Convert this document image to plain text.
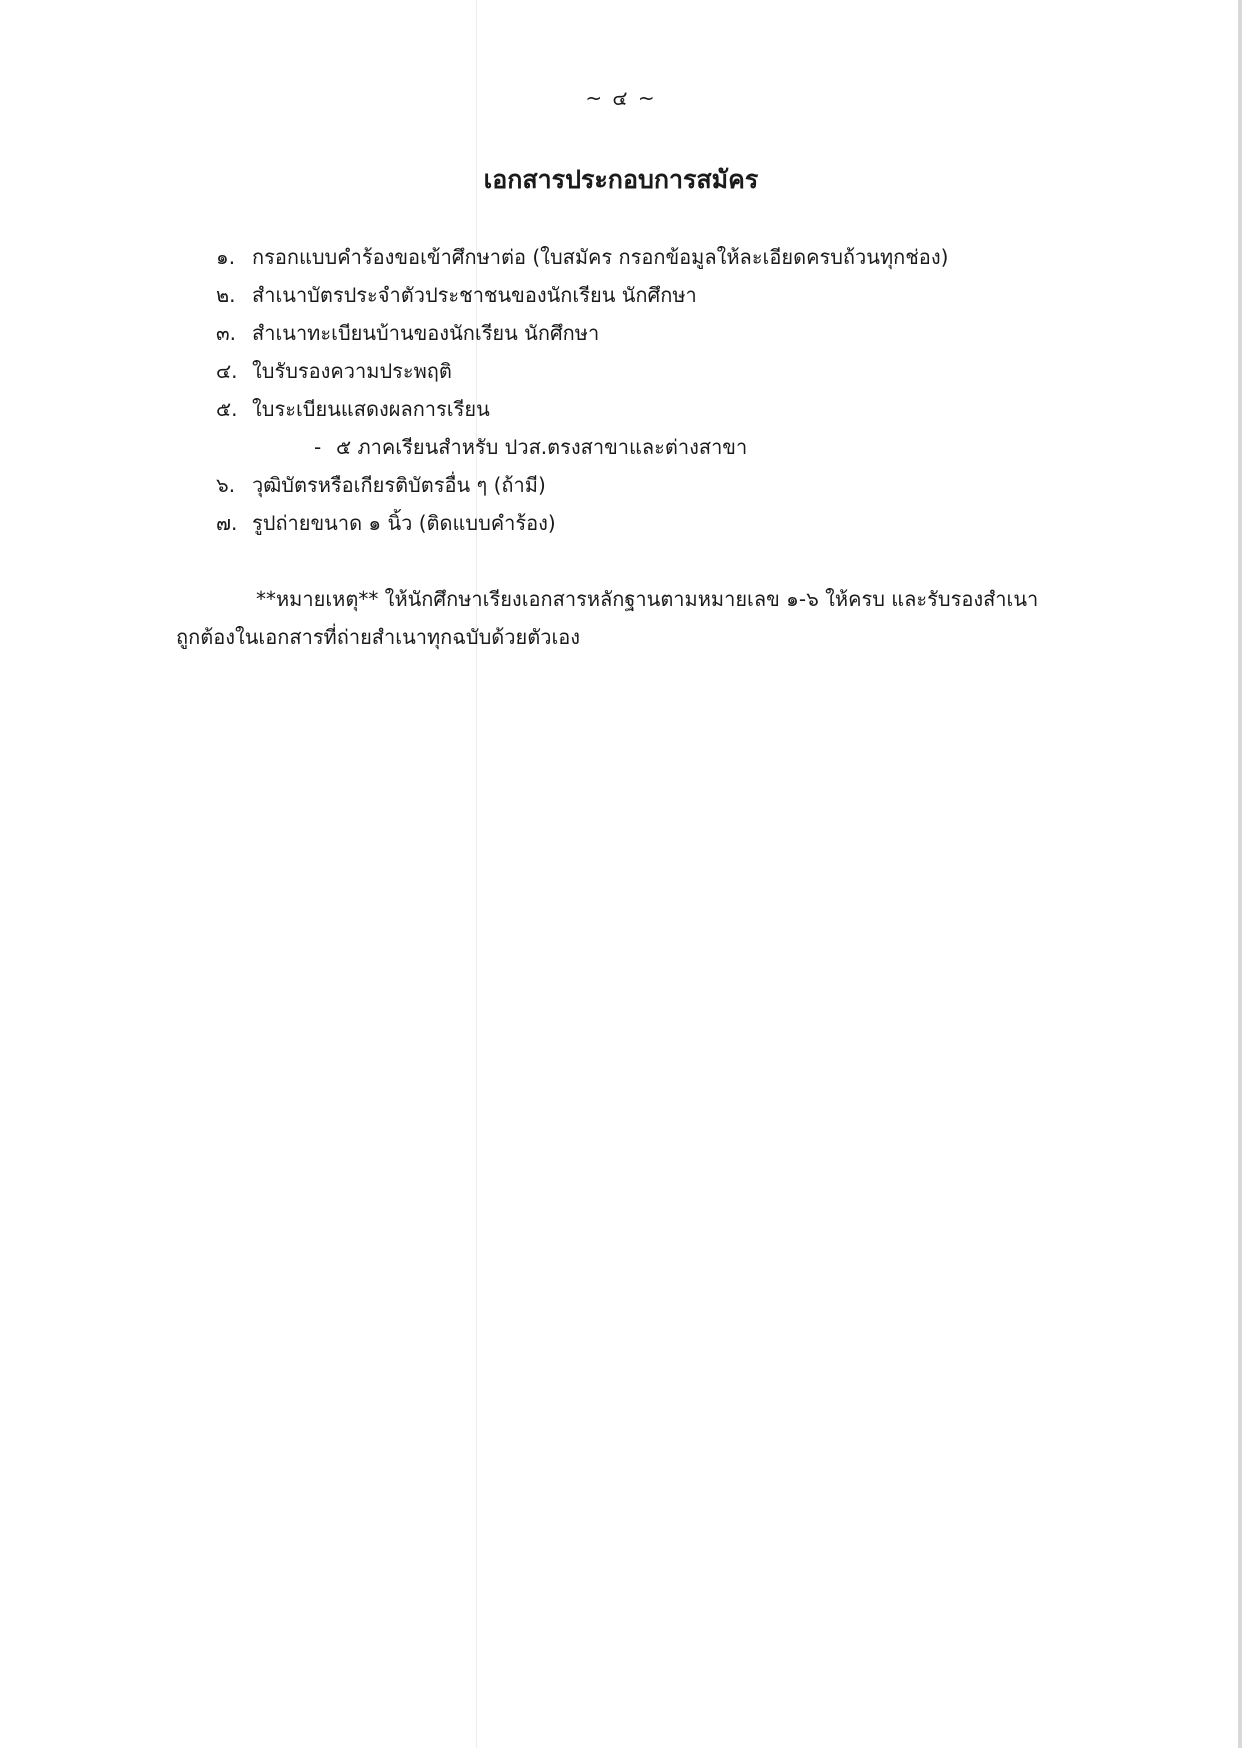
~ ๔ ~
เอกสารประกอบการสมัคร
๑. กรอกแบบคำร้องขอเข้าศึกษาต่อ (ใบสมัคร กรอกข้อมูลให้ละเอียดครบถ้วนทุกช่อง)
๒. สำเนาบัตรประจำตัวประชาชนของนักเรียน นักศึกษา
๓. สำเนาทะเบียนบ้านของนักเรียน นักศึกษา
๔. ใบรับรองความประพฤติ
๕. ใบระเบียนแสดงผลการเรียน
- ๕ ภาคเรียนสำหรับ ปวส.ตรงสาขาและต่างสาขา
๖. วุฒิบัตรหรือเกียรติบัตรอื่น ๆ (ถ้ามี)
๗. รูปถ่ายขนาด ๑ นิ้ว (ติดแบบคำร้อง)

**หมายเหตุ** ให้นักศึกษาเรียงเอกสารหลักฐานตามหมายเลข ๑-๖ ให้ครบ และรับรองสำเนา
ถูกต้องในเอกสารที่ถ่ายสำเนาทุกฉบับด้วยตัวเอง
